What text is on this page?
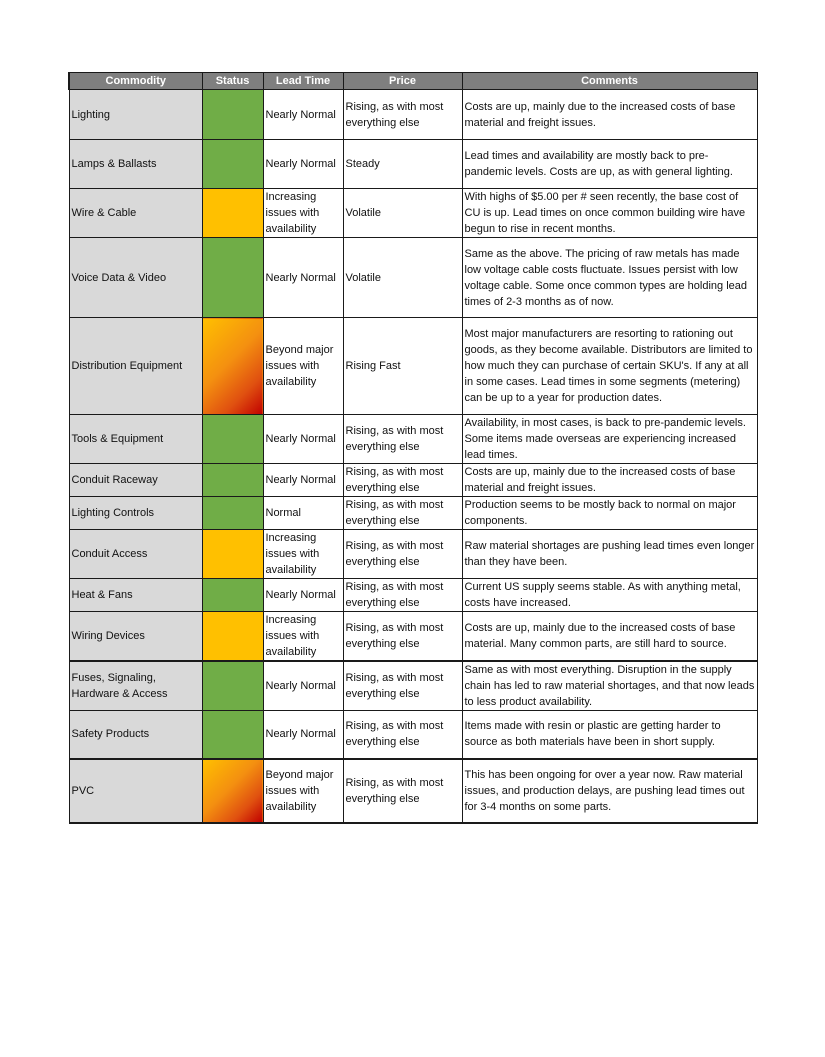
Commodity	Status	Lead Time	Price	Comments
Lighting		Nearly Normal	Rising, as with most everything else	Costs are up, mainly due to the increased costs of base material and freight issues.
Lamps & Ballasts		Nearly Normal	Steady	Lead times and availability are mostly back to pre-pandemic levels. Costs are up, as with general lighting.
Wire & Cable		Increasing issues with availability	Volatile	With highs of $5.00 per # seen recently, the base cost of CU is up. Lead times on once common building wire have begun to rise in recent months.
Voice Data & Video		Nearly Normal	Volatile	Same as the above. The pricing of raw metals has made low voltage cable costs fluctuate. Issues persist with low voltage cable. Some once common types are holding lead times of 2-3 months as of now.
Distribution Equipment		Beyond major issues with availability	Rising Fast	Most major manufacturers are resorting to rationing out goods, as they become available. Distributors are limited to how much they can purchase of certain SKU's. If any at all in some cases. Lead times in some segments (metering) can be up to a year for production dates.
Tools & Equipment		Nearly Normal	Rising, as with most everything else	Availability, in most cases, is back to pre-pandemic levels. Some items made overseas are experiencing increased lead times.
Conduit Raceway		Nearly Normal	Rising, as with most everything else	Costs are up, mainly due to the increased costs of base material and freight issues.
Lighting Controls		Normal	Rising, as with most everything else	Production seems to be mostly back to normal on major components.
Conduit Access		Increasing issues with availability	Rising, as with most everything else	Raw material shortages are pushing lead times even longer than they have been.
Heat & Fans		Nearly Normal	Rising, as with most everything else	Current US supply seems stable. As with anything metal, costs have increased.
Wiring Devices		Increasing issues with availability	Rising, as with most everything else	Costs are up, mainly due to the increased costs of base material. Many common parts, are still hard to source.
Fuses, Signaling, Hardware & Access		Nearly Normal	Rising, as with most everything else	Same as with most everything. Disruption in the supply chain has led to raw material shortages, and that now leads to less product availability.
Safety Products		Nearly Normal	Rising, as with most everything else	Items made with resin or plastic are getting harder to source as both materials have been in short supply.
PVC		Beyond major issues with availability	Rising, as with most everything else	This has been ongoing for over a year now. Raw material issues, and production delays, are pushing lead times out for 3-4 months on some parts.
